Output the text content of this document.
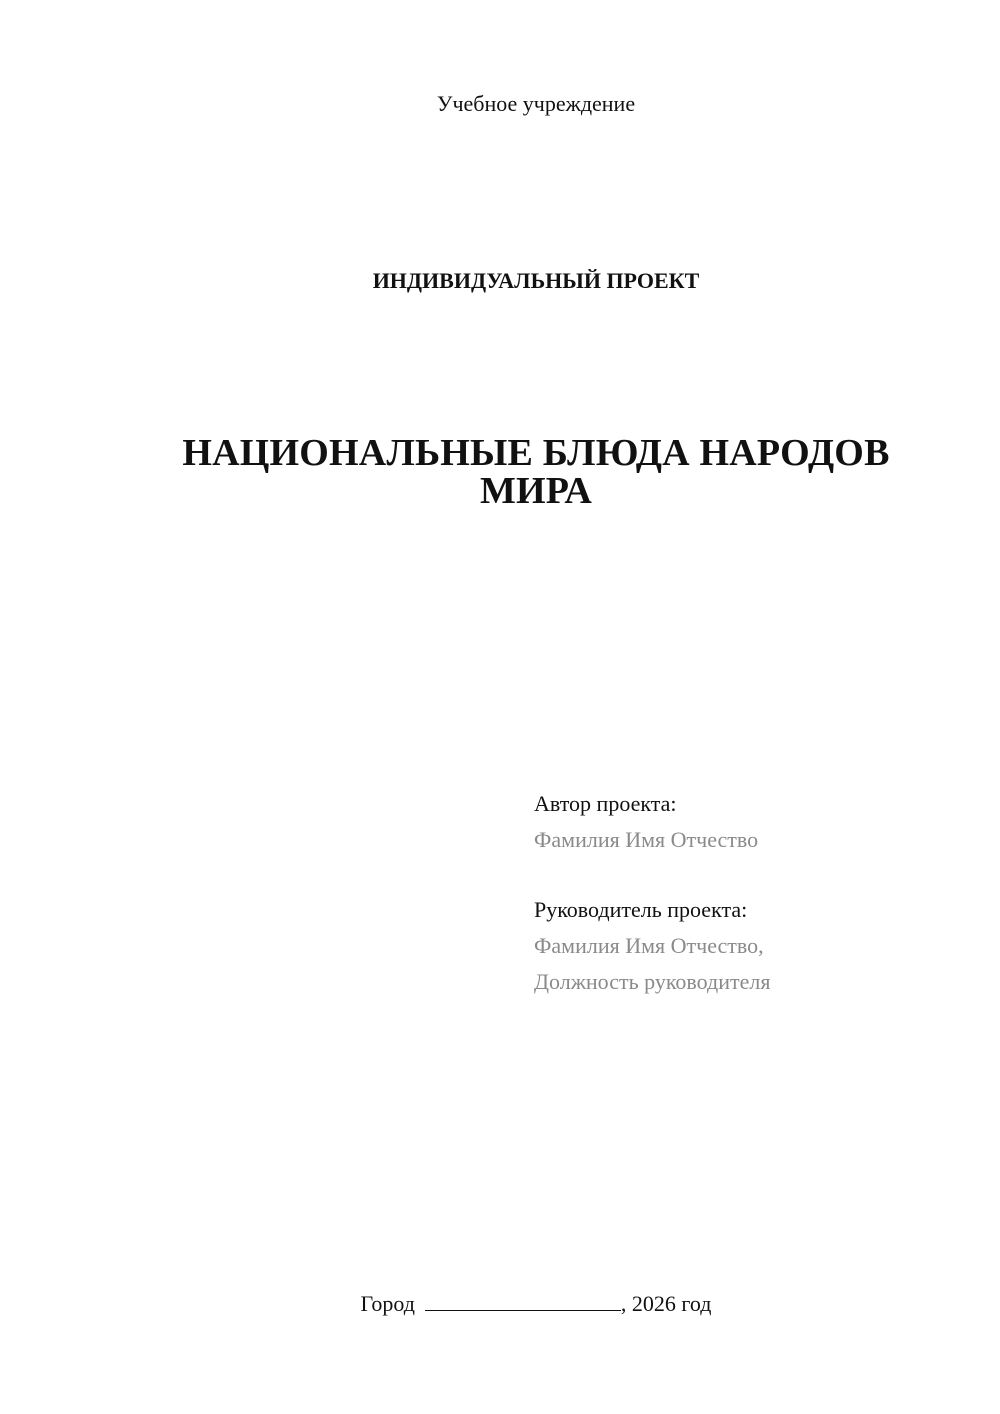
Учебное учреждение
ИНДИВИДУАЛЬНЫЙ ПРОЕКТ
НАЦИОНАЛЬНЫЕ БЛЮДА НАРОДОВ
МИРА
Автор проекта:
Фамилия Имя Отчество
Руководитель проекта:
Фамилия Имя Отчество,
Должность руководителя
Город	, 2026 год
